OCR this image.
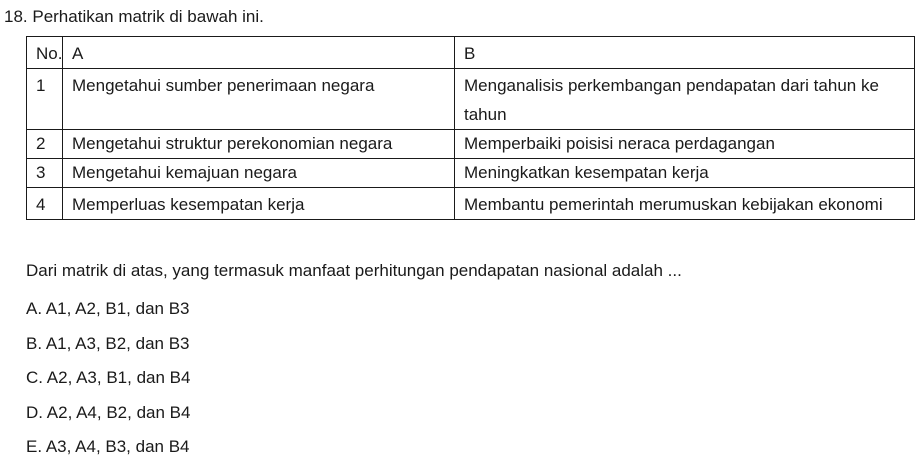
18. Perhatikan matrik di bawah ini.
No.	A	B
1	Mengetahui sumber penerimaan negara	Menganalisis perkembangan pendapatan dari tahun ke tahun
2	Mengetahui struktur perekonomian negara	Memperbaiki poisisi neraca perdagangan
3	Mengetahui kemajuan negara	Meningkatkan kesempatan kerja
4	Memperluas kesempatan kerja	Membantu pemerintah merumuskan kebijakan ekonomi
Dari matrik di atas, yang termasuk manfaat perhitungan pendapatan nasional adalah ...
A. A1, A2, B1, dan B3
B. A1, A3, B2, dan B3
C. A2, A3, B1, dan B4
D. A2, A4, B2, dan B4
E. A3, A4, B3, dan B4
